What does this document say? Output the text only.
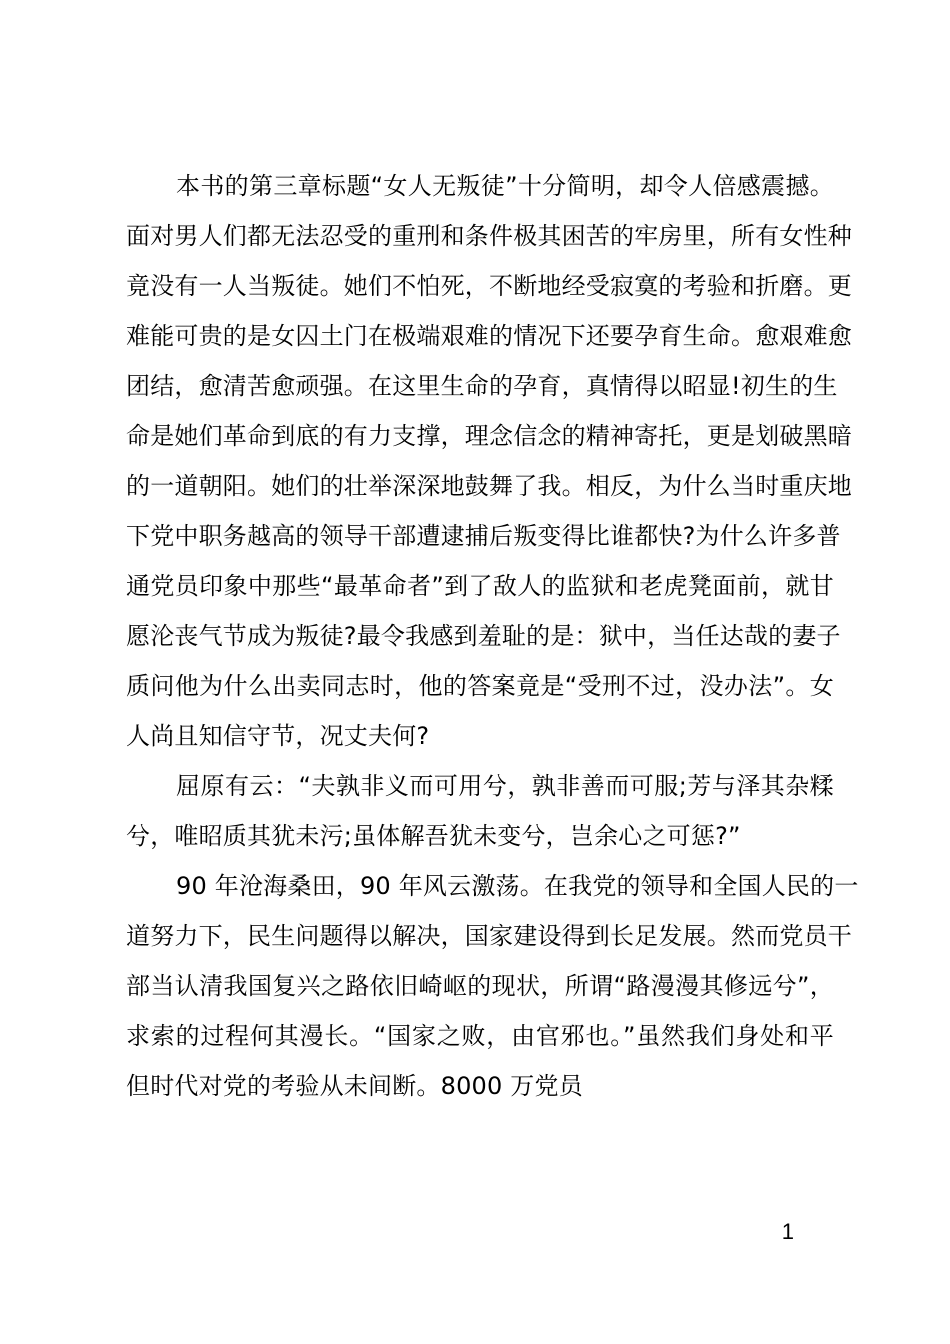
本书的第三章标题“女人无叛徒”十分简明，却令人倍感震撼。
面对男人们都无法忍受的重刑和条件极其困苦的牢房里，所有女性种
竟没有一人当叛徒。她们不怕死，不断地经受寂寞的考验和折磨。更
难能可贵的是女囚土门在极端艰难的情况下还要孕育生命。愈艰难愈
团结，愈清苦愈顽强。在这里生命的孕育，真情得以昭显!初生的生
命是她们革命到底的有力支撑，理念信念的精神寄托，更是划破黑暗
的一道朝阳。她们的壮举深深地鼓舞了我。相反，为什么当时重庆地
下党中职务越高的领导干部遭逮捕后叛变得比谁都快?为什么许多普
通党员印象中那些“最革命者”到了敌人的监狱和老虎凳面前，就甘
愿沦丧气节成为叛徒?最令我感到羞耻的是：狱中，当任达哉的妻子
质问他为什么出卖同志时，他的答案竟是“受刑不过，没办法”。女
人尚且知信守节，况丈夫何?
屈原有云：“夫孰非义而可用兮，孰非善而可服;芳与泽其杂糅
兮，唯昭质其犹未污;虽体解吾犹未变兮，岂余心之可惩?”
90 年沧海桑田，90 年风云激荡。在我党的领导和全国人民的一
道努力下，民生问题得以解决，国家建设得到长足发展。然而党员干
部当认清我国复兴之路依旧崎岖的现状，所谓“路漫漫其修远兮”，
求索的过程何其漫长。“国家之败，由官邪也。”虽然我们身处和平
但时代对党的考验从未间断。8000 万党员
1
